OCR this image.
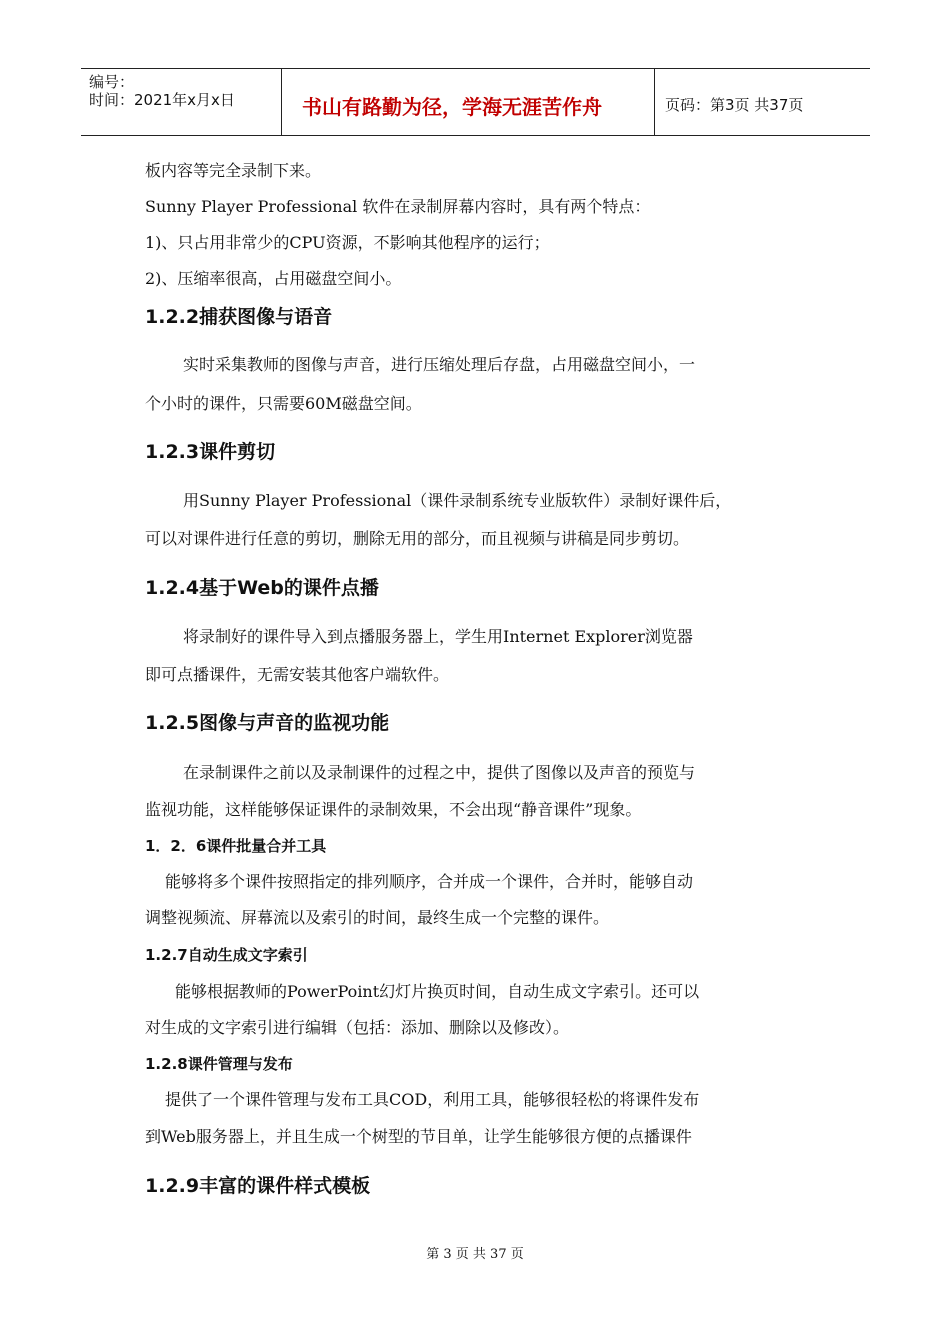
编号：
时间：2021年x月x日	书山有路勤为径，学海无涯苦作舟	页码：第3页 共37页
板内容等完全录制下来。
Sunny Player Professional 软件在录制屏幕内容时，具有两个特点：
1)、只占用非常少的CPU资源，不影响其他程序的运行；
2)、压缩率很高，占用磁盘空间小。
1.2.2捕获图像与语音
实时采集教师的图像与声音，进行压缩处理后存盘，占用磁盘空间小，一
个小时的课件，只需要60M磁盘空间。
1.2.3课件剪切
用Sunny Player Professional（课件录制系统专业版软件）录制好课件后，
可以对课件进行任意的剪切，删除无用的部分，而且视频与讲稿是同步剪切。
1.2.4基于Web的课件点播
将录制好的课件导入到点播服务器上，学生用Internet Explorer浏览器
即可点播课件，无需安装其他客户端软件。
1.2.5图像与声音的监视功能
在录制课件之前以及录制课件的过程之中，提供了图像以及声音的预览与
监视功能，这样能够保证课件的录制效果，不会出现“静音课件”现象。
1．2．6课件批量合并工具
能够将多个课件按照指定的排列顺序，合并成一个课件，合并时，能够自动
调整视频流、屏幕流以及索引的时间，最终生成一个完整的课件。
1.2.7自动生成文字索引
能够根据教师的PowerPoint幻灯片换页时间，自动生成文字索引。还可以
对生成的文字索引进行编辑（包括：添加、删除以及修改）。
1.2.8课件管理与发布
提供了一个课件管理与发布工具COD，利用工具，能够很轻松的将课件发布
到Web服务器上，并且生成一个树型的节目单，让学生能够很方便的点播课件
1.2.9丰富的课件样式模板
第 3 页 共 37 页
